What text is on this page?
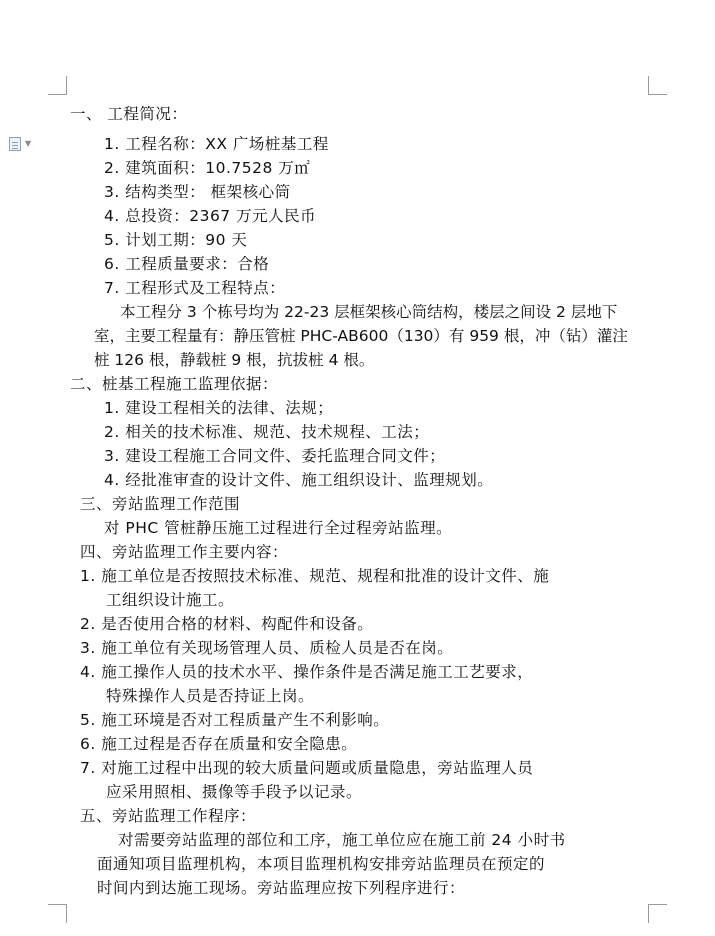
▼
一、 工程简况：
1. 工程名称：XX 广场桩基工程
2. 建筑面积：10.7528 万㎡
3. 结构类型： 框架核心筒
4. 总投资：2367 万元人民币
5. 计划工期：90 天
6. 工程质量要求：合格
7. 工程形式及工程特点：
本工程分 3 个栋号均为 22-23 层框架核心筒结构，楼层之间设 2 层地下
室，主要工程量有：静压管桩 PHC-AB600（130）有 959 根，冲（钻）灌注
桩 126 根，静载桩 9 根，抗拔桩 4 根。
二、桩基工程施工监理依据：
1. 建设工程相关的法律、法规；
2. 相关的技术标准、规范、技术规程、工法；
3. 建设工程施工合同文件、委托监理合同文件；
4. 经批准审查的设计文件、施工组织设计、监理规划。
三、旁站监理工作范围
对 PHC 管桩静压施工过程进行全过程旁站监理。
四、旁站监理工作主要内容：
1. 施工单位是否按照技术标准、规范、规程和批准的设计文件、施
工组织设计施工。
2. 是否使用合格的材料、构配件和设备。
3. 施工单位有关现场管理人员、质检人员是否在岗。
4. 施工操作人员的技术水平、操作条件是否满足施工工艺要求，
特殊操作人员是否持证上岗。
5. 施工环境是否对工程质量产生不利影响。
6. 施工过程是否存在质量和安全隐患。
7. 对施工过程中出现的较大质量问题或质量隐患，旁站监理人员
应采用照相、摄像等手段予以记录。
五、旁站监理工作程序：
对需要旁站监理的部位和工序，施工单位应在施工前 24 小时书
面通知项目监理机构，本项目监理机构安排旁站监理员在预定的
时间内到达施工现场。旁站监理应按下列程序进行：
